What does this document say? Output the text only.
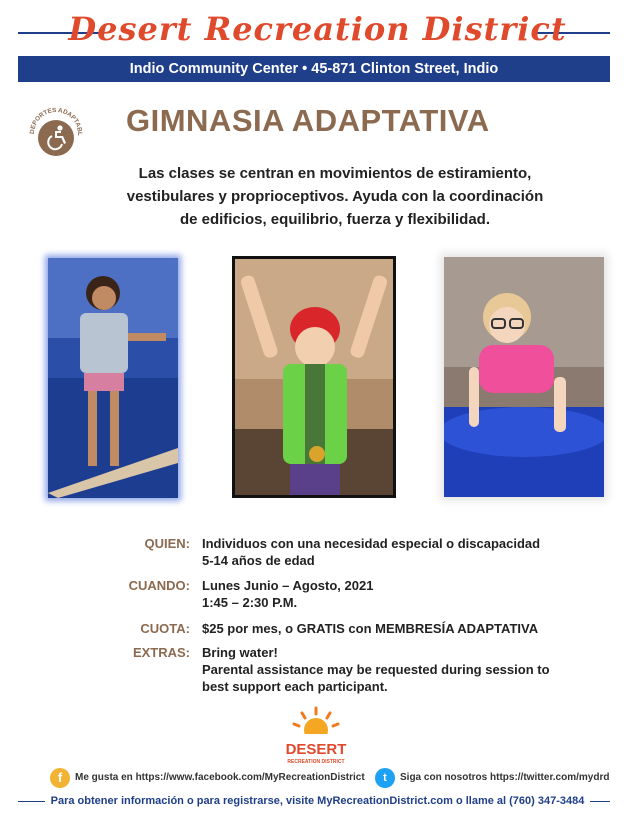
Desert Recreation District
Indio Community Center • 45-871 Clinton Street, Indio
DEPORTES ADAPTABL GIMNASIA ADAPTATIVA
Las clases se centran en movimientos de estiramiento,
vestibulares y proprioceptivos. Ayuda con la coordinación
de edificios, equilibrio, fuerza y flexibilidad.
QUIEN: Individuos con una necesidad especial o discapacidad
5-14 años de edad
CUANDO: Lunes Junio – Agosto, 2021
1:45 – 2:30 P.M.
CUOTA: $25 por mes, o GRATIS con MEMBRESÍA ADAPTATIVA
EXTRAS: Bring water!
Parental assistance may be requested during session to
best support each participant.
DESERT
RECREATION DISTRICT
f	Me gusta en https://www.facebook.com/MyRecreationDistrict	t	Siga con nosotros https://twitter.com/mydrd
Para obtener información o para registrarse, visite MyRecreationDistrict.com o llame al (760) 347-3484
